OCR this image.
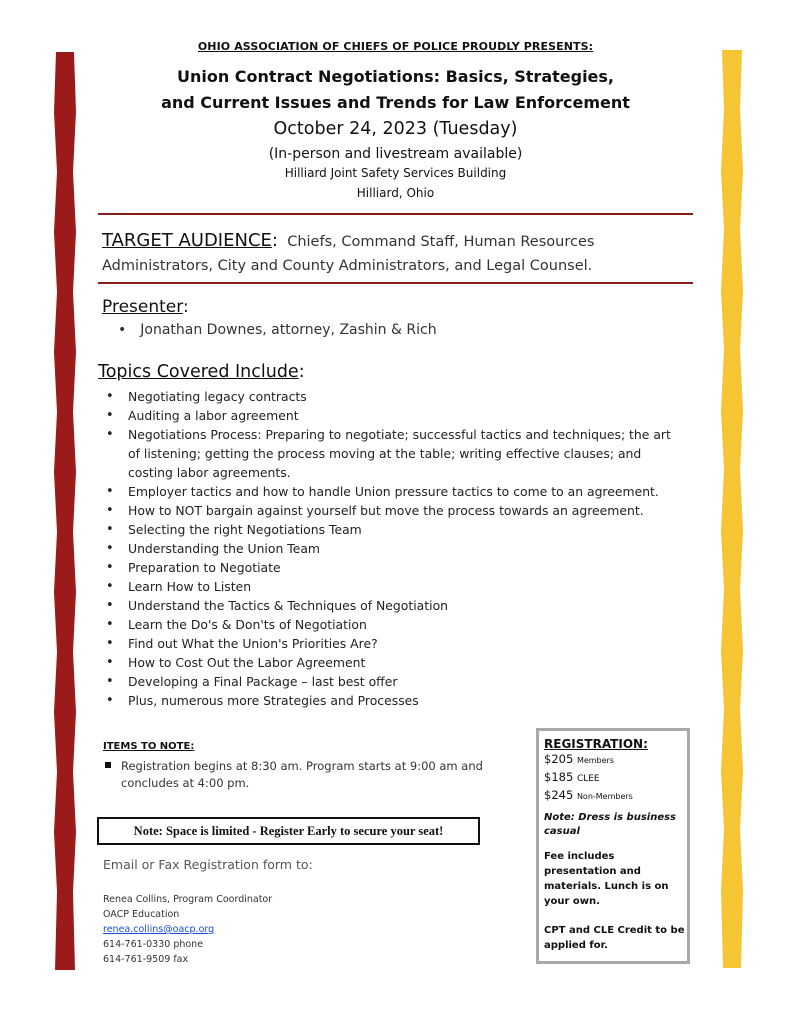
OHIO ASSOCIATION OF CHIEFS OF POLICE PROUDLY PRESENTS:
Union Contract Negotiations: Basics, Strategies,
and Current Issues and Trends for Law Enforcement
October 24, 2023 (Tuesday)
(In-person and livestream available)
Hilliard Joint Safety Services Building
Hilliard, Ohio
TARGET AUDIENCE: Chiefs, Command Staff, Human Resources Administrators, City and County Administrators, and Legal Counsel.
Presenter:
• Jonathan Downes, attorney, Zashin & Rich
Topics Covered Include:
• Negotiating legacy contracts
• Auditing a labor agreement
• Negotiations Process: Preparing to negotiate; successful tactics and techniques; the art of listening; getting the process moving at the table; writing effective clauses; and costing labor agreements.
• Employer tactics and how to handle Union pressure tactics to come to an agreement.
• How to NOT bargain against yourself but move the process towards an agreement.
• Selecting the right Negotiations Team
• Understanding the Union Team
• Preparation to Negotiate
• Learn How to Listen
• Understand the Tactics & Techniques of Negotiation
• Learn the Do's & Don'ts of Negotiation
• Find out What the Union's Priorities Are?
• How to Cost Out the Labor Agreement
• Developing a Final Package – last best offer
• Plus, numerous more Strategies and Processes
ITEMS TO NOTE:
Registration begins at 8:30 am. Program starts at 9:00 am and concludes at 4:00 pm.
Note: Space is limited - Register Early to secure your seat!
Email or Fax Registration form to:
Renea Collins, Program Coordinator
OACP Education
renea.collins@oacp.org
614-761-0330 phone
614-761-9509 fax
REGISTRATION:
$205 Members
$185 CLEE
$245 Non-Members
Note: Dress is business casual
Fee includes presentation and materials. Lunch is on your own.
CPT and CLE Credit to be applied for.
